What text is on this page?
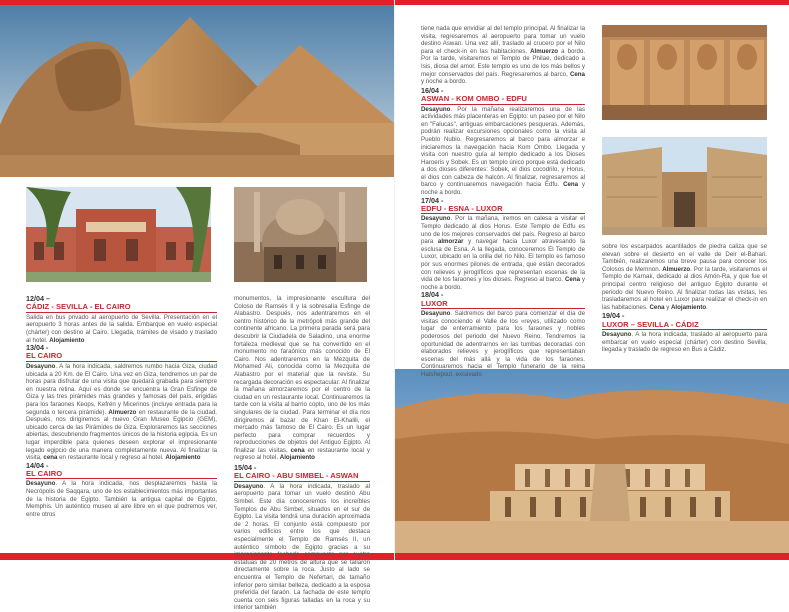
12/04 –
CÁDIZ - SEVILLA - EL CAIRO

Salida en bus privado al aeropuerto de Sevilla. Presentación en el aeropuerto 3 horas antes de la salida. Embarque en vuelo especial (chárter) con destino al Cairo. Llegada, trámites de visado y traslado al hotel. Alojamiento

13/04 -
EL CAIRO

Desayuno. A la hora indicada, saldremos rumbo hacia Giza, ciudad ubicada a 20 Km. de El Cairo. Una vez en Giza, tendremos un par de horas para disfrutar de una visita que quedará grabada para siempre en nuestra retina. Aquí es donde se encuentra la Gran Esfinge de Giza y las tres pirámides más grandes y famosas del país, erigidas para los faraones Keops, Kefrén y Micerinos (incluye entrada para la segunda o tercera pirámide). Almuerzo en restaurante de la ciudad. Después, nos dirigiremos al nuevo Gran Museo Egipcio (GEM), ubicado cerca de las Pirámides de Giza. Exploraremos las secciones abiertas, descubriendo fragmentos únicos de la historia egipcia. Es un lugar imperdible para quienes deseen explorar el impresionante legado egipcio de una manera completamente nueva. Al finalizar la visita, cena en restaurante local y regreso al hotel. Alojamiento

14/04 -
EL CAIRO

Desayuno. A la hora indicada, nos desplazaremos hasta la Necrópolis de Saqqara, uno de los establecimientos más importantes de la historia de Egipto. También la antigua capital de Egipto, Memphis. Un auténtico museo al aire libre en el que podremos ver, entre otros

monumentos, la impresionante escultura del Coloso de Ramsés II y la sobresalía Esfinge de Alabastro. Después, nos adentraremos en el centro histórico de la metrópoli más grande del continente africano. La primera parada será para descubrir la Ciudadela de Saladino, una enorme fortaleza medieval que se ha convertido en el monumento no faraónico más conocido de El Cairo. Nos adentraremos en la Mezquita de Mohamed Ali, conocida como la Mezquita de Alabastro por el material que la reviste. Su recargada decoración es espectacular. Al finalizar la mañana almorzaremos por el centro de la ciudad en un restaurante local. Continuaremos la tarde con la visita al barrio copto, uno de los más singulares de la ciudad. Para terminar el día nos dirigiremos al bazar de Khan El-Khalili, el mercado más famoso de El Cairo. Es un lugar perfecto para comprar recuerdos y reproducciones de objetos del Antiguo Egipto. Al finalizar las visitas, cena en restaurante local y regreso al hotel. Alojamiento

15/04 -
EL CAIRO - ABU SIMBEL - ASWAN

Desayuno. A la hora indicada, traslado al aeropuerto para tomar un vuelo destino Abu Simbel. Este día conoceremos los increíbles Templos de Abu Simbel, situados en el sur de Egipto. La visita tendrá una duración aproximada de 2 horas. El conjunto está compuesto por varios edificios entre los que destaca especialmente el Templo de Ramsés II, un auténtico símbolo de Egipto gracias a su impresionante fachada compuesta por cuatro estatuas de 20 metros de altura que se tallaron directamente sobre la roca. Justo al lado se encuentra el Templo de Nefertari, de tamaño inferior pero similar belleza, dedicado a la esposa preferida del faraón. La fachada de este templo cuenta con seis figuras talladas en la roca y su interior también

tiene nada que envidiar al del templo principal. Al finalizar la visita, regresaremos al aeropuerto para tomar un vuelo destino Aswan. Una vez allí, traslado al crucero por el Nilo para el check-in en las habitaciones. Almuerzo a bordo. Por la tarde, visitaremos el Templo de Philae, dedicado a Isis, diosa del amor. Este templo es uno de los más bellos y mejor conservados del país. Regresaremos al barco, Cena y noche a bordo.

16/04 -
ASWAN - KOM OMBO - EDFU

Desayuno. Por la mañana realizaremos una de las actividades más placenteras en Egipto: un paseo por el Nilo en "Falucas", antiguas embarcaciones pesqueras. Además, podrán realizar excursiones opcionales como la visita al Pueblo Nubio. Regresaremos al barco para almorzar e iniciaremos la navegación hacia Kom Ombo. Llegada y visita con nuestro guía al templo dedicado a los Dioses Haroeris y Sobek. Es un templo único porque está dedicado a dos dioses diferentes: Sobek, el dios cocodrilo, y Horus, el dios con cabeza de halcón. Al finalizar, regresaremos al barco y continuaremos navegación hacia Edfu. Cena y noche a bordo.

17/04 -
EDFU - ESNA - LUXOR

Desayuno. Por la mañana, iremos en calesa a visitar el Templo dedicado al dios Horus. Este Templo de Edfu es uno de los mejores conservados del país. Regreso al barco para almorzar y navegar hacia Luxor atravesando la esclusa de Esna. A la llegada, conoceremos El Templo de Luxor, ubicado en la orilla del río Nilo. El templo es famoso por sus enormes pilones de entrada, que están decorados con relieves y jeroglíficos que representan escenas de la vida de los faraones y los dioses. Regreso al barco. Cena y noche a bordo.

18/04 -
LUXOR

Desayuno. Saldremos del barco para comenzar el día de visitas conociendo el Valle de los «reyes, utilizado como lugar de enterramiento para los faraones y nobles poderosos del periodo del Nuevo Reino. Tendremos la oportunidad de adentrarnos en las tumbas decoradas con elaborados relieves y jeroglíficos que representaban escenas del más allá y la vida de los faraones. Continuaremos hacia el Templo funerario de la reina Hatshepsut, excavado

sobre los escarpados acantilados de piedra caliza que se elevan sobre el desierto en el valle de Deir el-Bahari. También, realizaremos una breve pausa para conocer los Colosos de Memnon. Almuerzo. Por la tarde, visitaremos el Templo de Karnak, dedicado al dios Amón-Ra, y que fue el principal centro religioso del antiguo Egipto durante el periodo del Nuevo Reino. Al finalizar todas las visitas, les trasladaremos al hotel en Luxor para realizar el check-in en las habitaciones. Cena y Alojamiento.

19/04 -
LUXOR – SEVILLA - CÁDIZ

Desayuno. A la hora indicada, traslado al aeropuerto para embarcar en vuelo especial (chárter) con destino Sevilla, llegada y traslado de regreso en Bus a Cádiz.
